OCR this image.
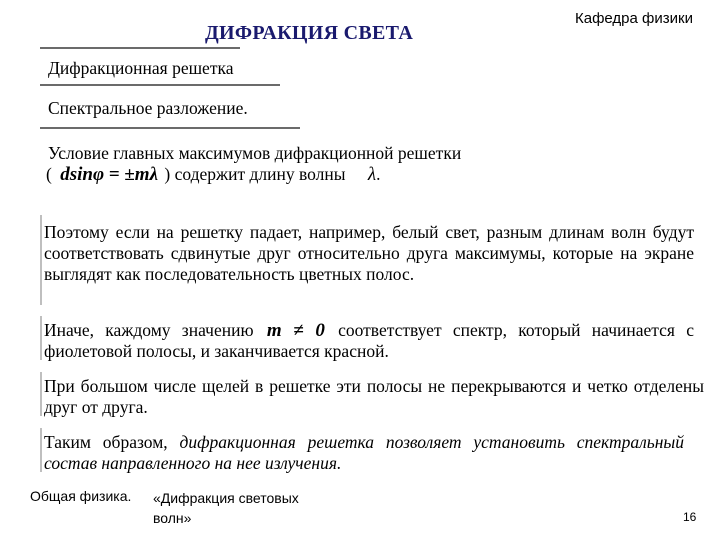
ДИФРАКЦИЯ СВЕТА
Кафедра физики
Дифракционная решетка
Спектральное разложение.
Условие главных максимумов дифракционной решетки
( dsinφ = ±mλ ) содержит длину волны λ.
Поэтому если на решетку падает, например, белый свет, разным длинам волн будут соответствовать сдвинутые друг относительно друга максимумы, которые на экране выглядят как последовательность цветных полос.
Иначе, каждому значению m ≠ 0 соответствует спектр, который начинается с фиолетовой полосы, и заканчивается красной.
При большом числе щелей в решетке эти полосы не перекрываются и четко отделены друг от друга.
Таким образом, дифракционная решетка позволяет установить спектральный состав направленного на нее излучения.
Общая физика. «Дифракция световых волн»	16
